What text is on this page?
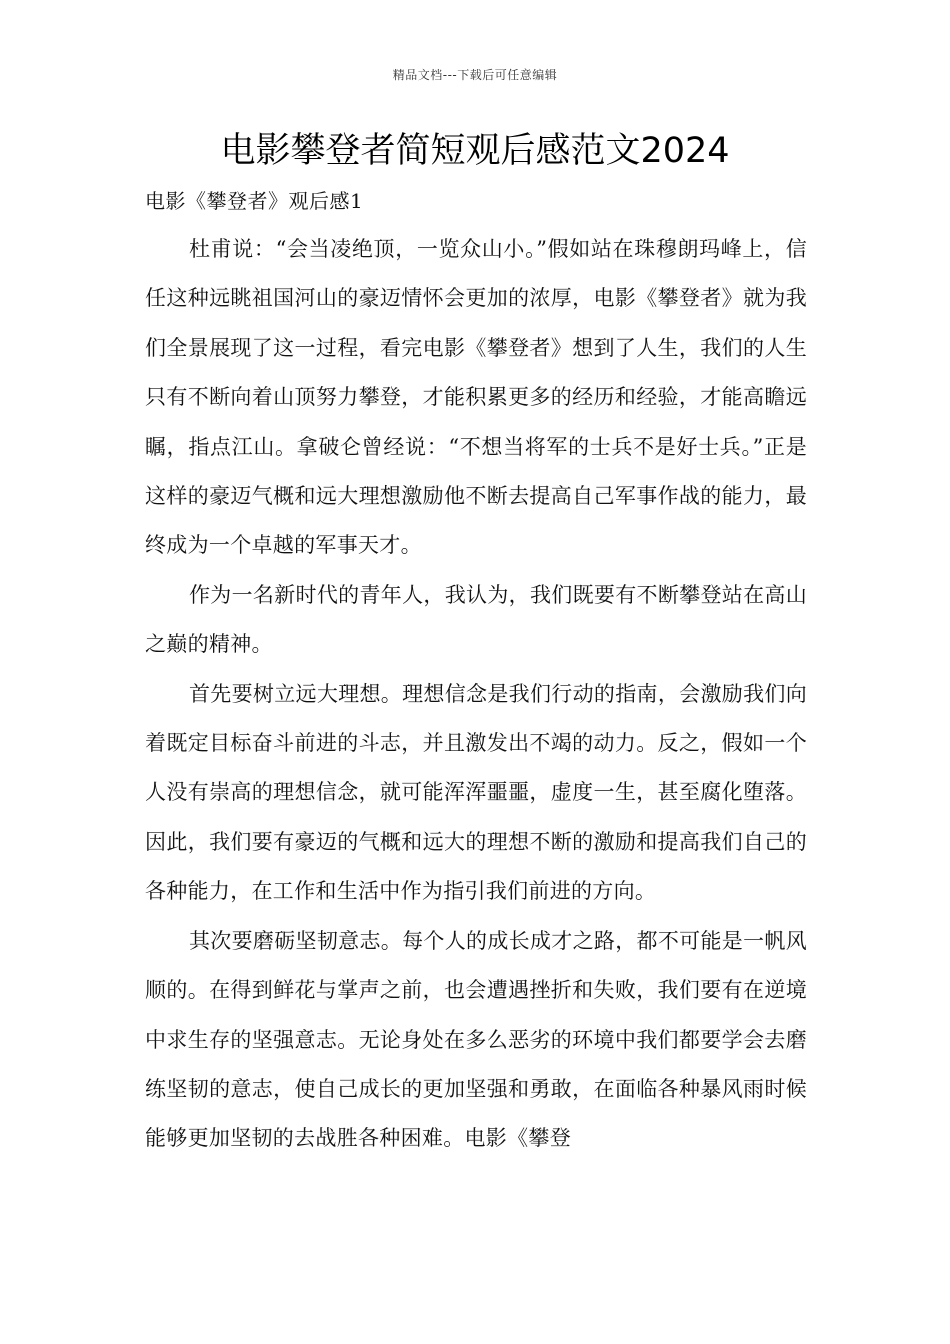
精品文档---下载后可任意编辑
电影攀登者简短观后感范文2024

电影《攀登者》观后感1

杜甫说：“会当凌绝顶，一览众山小。”假如站在珠穆朗玛峰上，信任这种远眺祖国河山的豪迈情怀会更加的浓厚，电影《攀登者》就为我们全景展现了这一过程，看完电影《攀登者》想到了人生，我们的人生只有不断向着山顶努力攀登，才能积累更多的经历和经验，才能高瞻远瞩，指点江山。拿破仑曾经说：“不想当将军的士兵不是好士兵。”正是这样的豪迈气概和远大理想激励他不断去提高自己军事作战的能力，最终成为一个卓越的军事天才。

作为一名新时代的青年人，我认为，我们既要有不断攀登站在高山之巅的精神。

首先要树立远大理想。理想信念是我们行动的指南，会激励我们向着既定目标奋斗前进的斗志，并且激发出不竭的动力。反之，假如一个人没有崇高的理想信念，就可能浑浑噩噩，虚度一生，甚至腐化堕落。因此，我们要有豪迈的气概和远大的理想不断的激励和提高我们自己的各种能力，在工作和生活中作为指引我们前进的方向。

其次要磨砺坚韧意志。每个人的成长成才之路，都不可能是一帆风顺的。在得到鲜花与掌声之前，也会遭遇挫折和失败，我们要有在逆境中求生存的坚强意志。无论身处在多么恶劣的环境中我们都要学会去磨练坚韧的意志，使自己成长的更加坚强和勇敢，在面临各种暴风雨时候能够更加坚韧的去战胜各种困难。电影《攀登
